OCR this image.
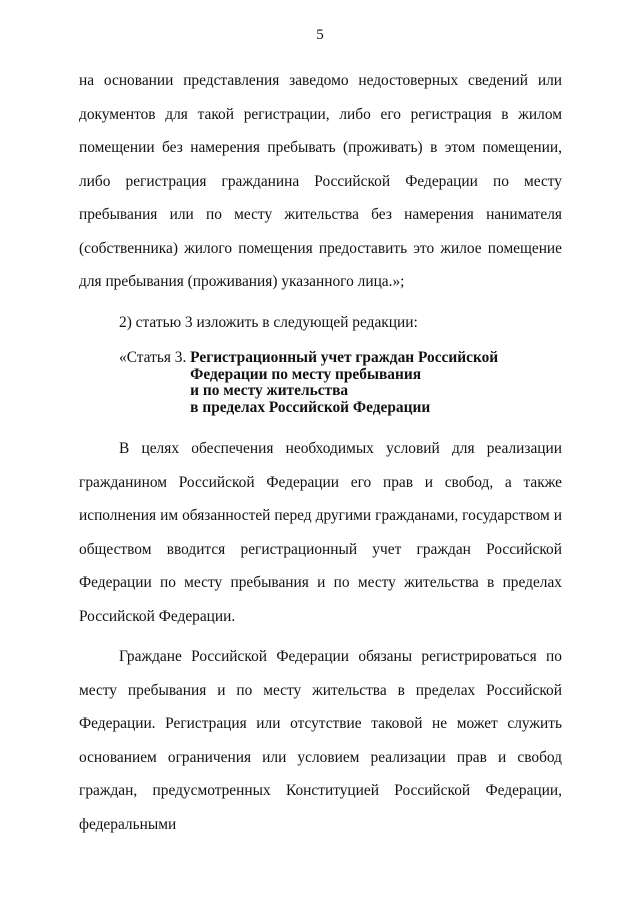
5

на основании представления заведомо недостоверных сведений или документов для такой регистрации, либо его регистрация в жилом помещении без намерения пребывать (проживать) в этом помещении, либо регистрация гражданина Российской Федерации по месту пребывания или по месту жительства без намерения нанимателя (собственника) жилого помещения предоставить это жилое помещение для пребывания (проживания) указанного лица.»;

2) статью 3 изложить в следующей редакции:

«Статья 3. Регистрационный учет граждан Российской
Федерации по месту пребывания
и по месту жительства
в пределах Российской Федерации

В целях обеспечения необходимых условий для реализации гражданином Российской Федерации его прав и свобод, а также исполнения им обязанностей перед другими гражданами, государством и обществом вводится регистрационный учет граждан Российской Федерации по месту пребывания и по месту жительства в пределах Российской Федерации.

Граждане Российской Федерации обязаны регистрироваться по месту пребывания и по месту жительства в пределах Российской Федерации. Регистрация или отсутствие таковой не может служить основанием ограничения или условием реализации прав и свобод граждан, предусмотренных Конституцией Российской Федерации, федеральными
